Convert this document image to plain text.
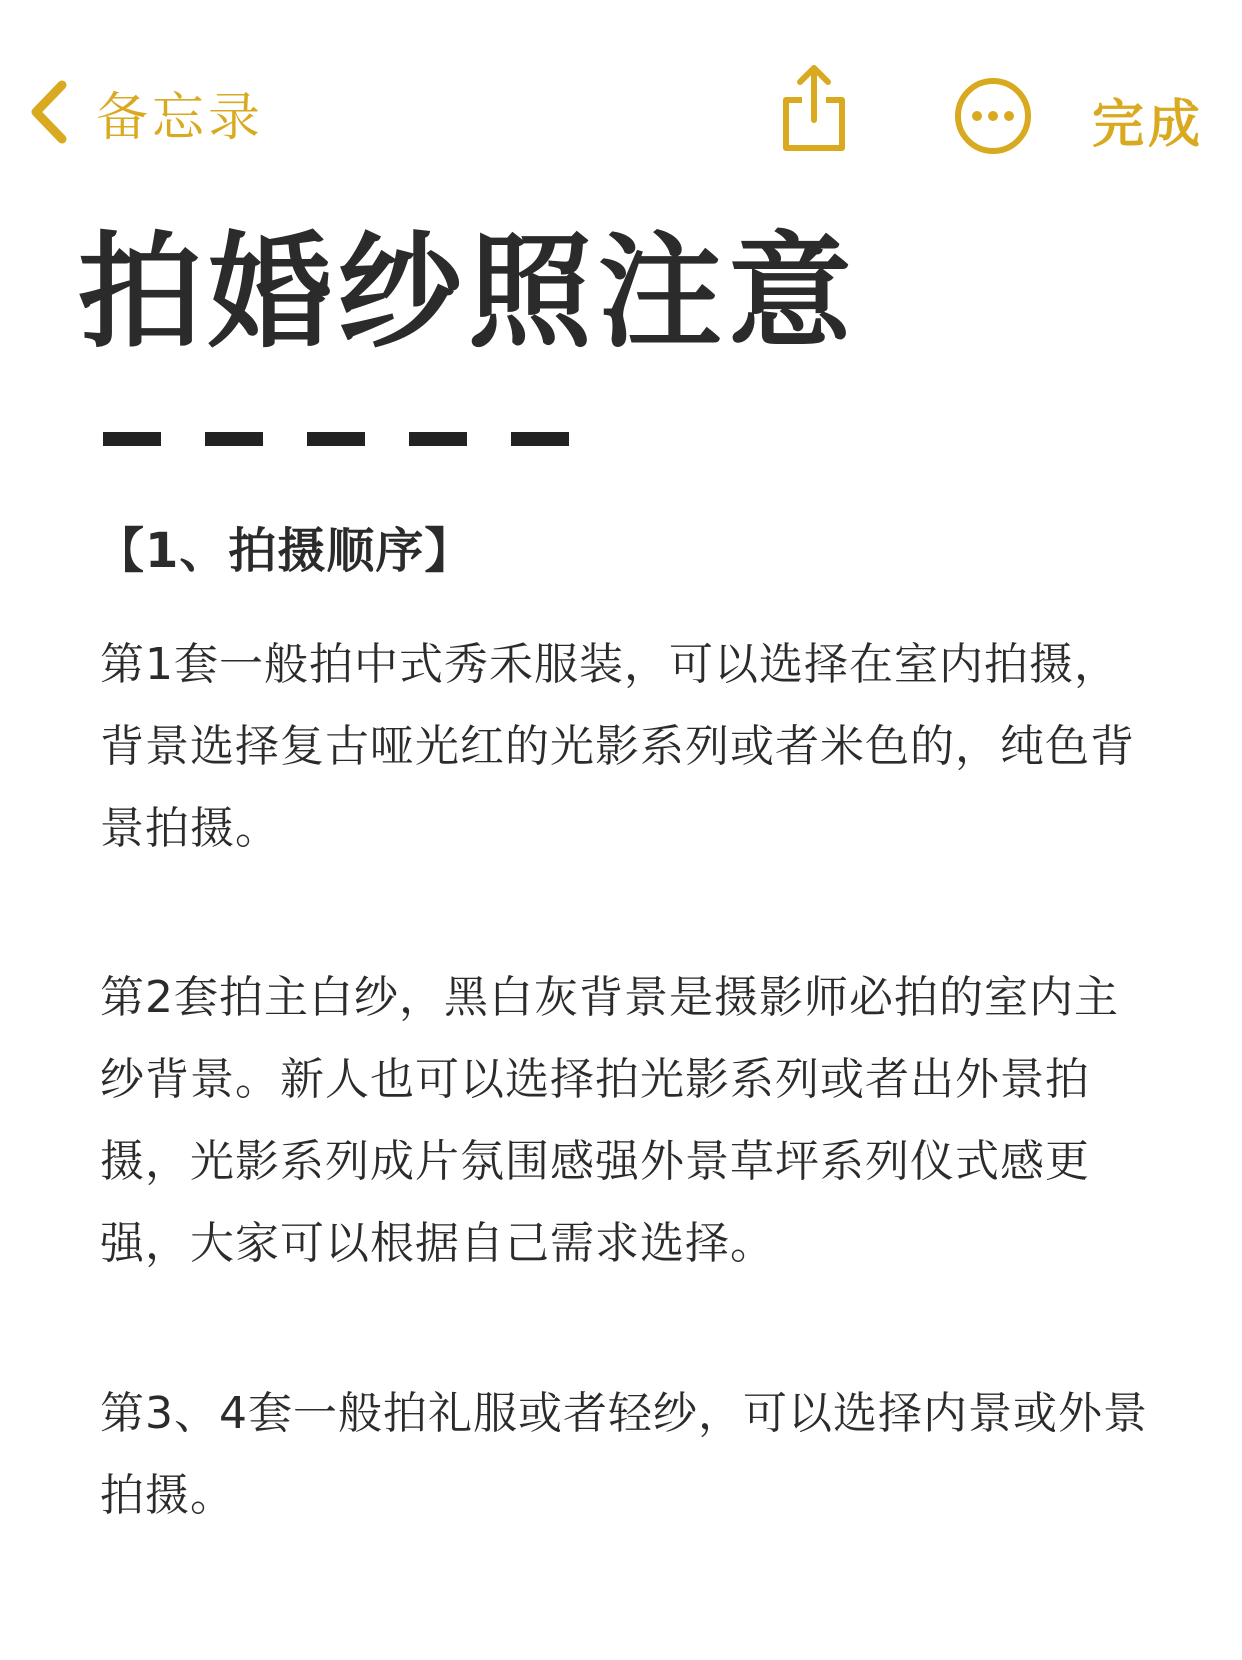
备忘录	完成
拍婚纱照注意
【1、拍摄顺序】

第1套一般拍中式秀禾服装，可以选择在室内拍摄，背景选择复古哑光红的光影系列或者米色的，纯色背景拍摄。

第2套拍主白纱，黑白灰背景是摄影师必拍的室内主纱背景。新人也可以选择拍光影系列或者出外景拍摄，光影系列成片氛围感强外景草坪系列仪式感更强，大家可以根据自己需求选择。

第3、4套一般拍礼服或者轻纱，可以选择内景或外景拍摄。
